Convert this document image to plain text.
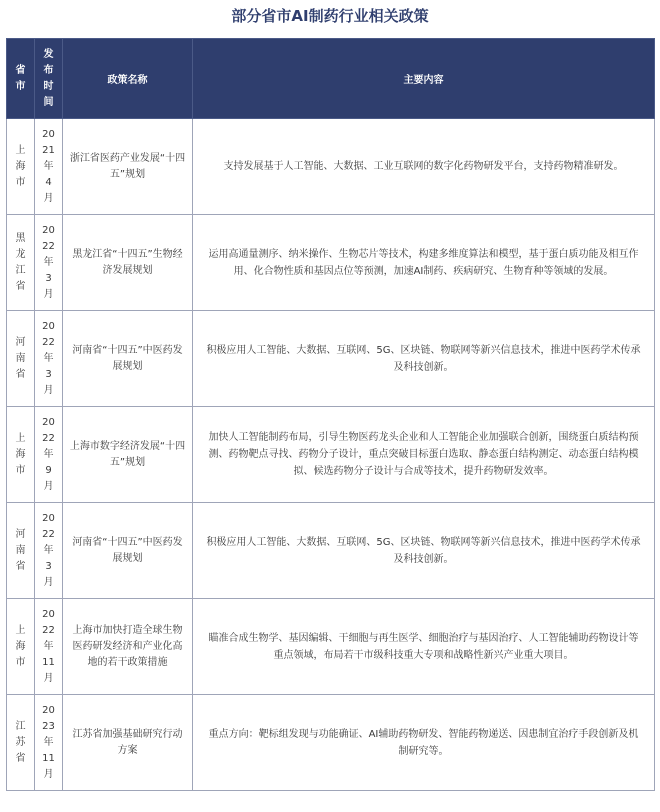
部分省市AI制药行业相关政策
省市	发布时间	政策名称	主要内容
上海市	2021年4月	浙江省医药产业发展“十四五”规划	支持发展基于人工智能、大数据、工业互联网的数字化药物研发平台，支持药物精准研发。
黑龙江省	2022年3月	黑龙江省“十四五”生物经济发展规划	运用高通量测序、纳米操作、生物芯片等技术，构建多维度算法和模型，基于蛋白质功能及相互作用、化合物性质和基因点位等预测，加速AI制药、疾病研究、生物育种等领域的发展。
河南省	2022年3月	河南省“十四五”中医药发展规划	积极应用人工智能、大数据、互联网、5G、区块链、物联网等新兴信息技术，推进中医药学术传承及科技创新。
上海市	2022年9月	上海市数字经济发展“十四五”规划	加快人工智能制药布局，引导生物医药龙头企业和人工智能企业加强联合创新，围绕蛋白质结构预测、药物靶点寻找、药物分子设计，重点突破目标蛋白选取、静态蛋白结构测定、动态蛋白结构模拟、候选药物分子设计与合成等技术，提升药物研发效率。
河南省	2022年3月	河南省“十四五”中医药发展规划	积极应用人工智能、大数据、互联网、5G、区块链、物联网等新兴信息技术，推进中医药学术传承及科技创新。
上海市	2022年11月	上海市加快打造全球生物医药研发经济和产业化高地的若干政策措施	瞄准合成生物学、基因编辑、干细胞与再生医学、细胞治疗与基因治疗、人工智能辅助药物设计等重点领域，布局若干市级科技重大专项和战略性新兴产业重大项目。
江苏省	2023年11月	江苏省加强基础研究行动方案	重点方向：靶标组发现与功能确证、AI辅助药物研发、智能药物递送、因患制宜治疗手段创新及机制研究等。
